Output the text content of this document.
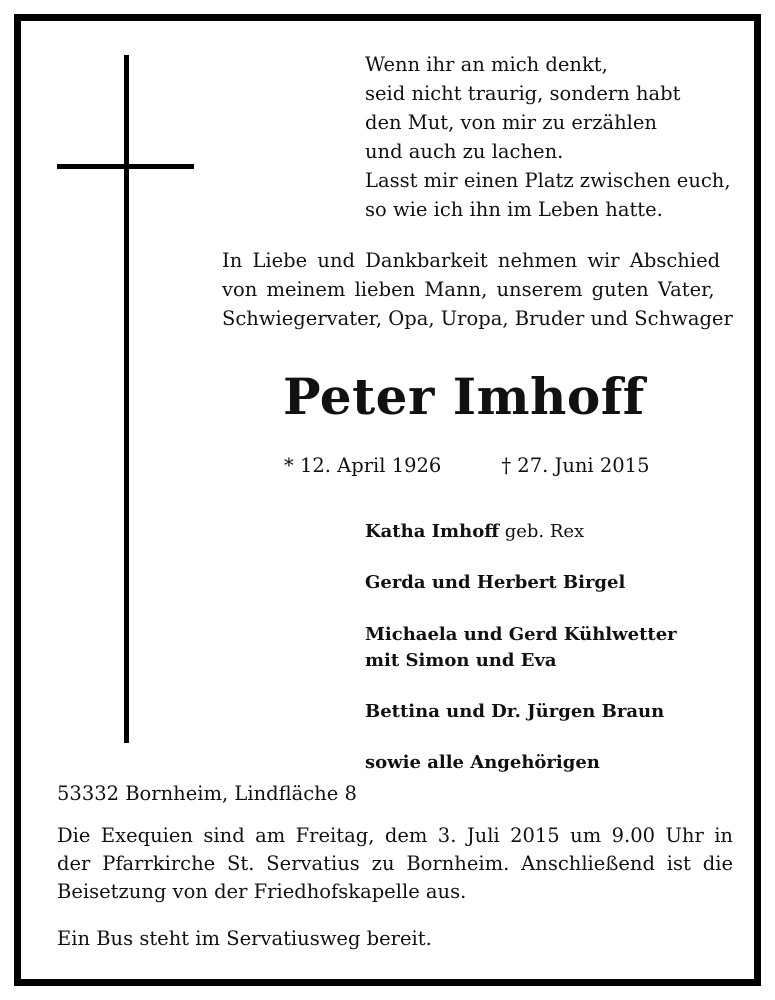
Wenn ihr an mich denkt,
seid nicht traurig, sondern habt
den Mut, von mir zu erzählen
und auch zu lachen.
Lasst mir einen Platz zwischen euch,
so wie ich ihn im Leben hatte.
In Liebe und Dankbarkeit nehmen wir Abschied
von meinem lieben Mann, unserem guten Vater,
Schwiegervater, Opa, Uropa, Bruder und Schwager
Peter Imhoff
* 12. April 1926	† 27. Juni 2015
Katha Imhoff geb. Rex
Gerda und Herbert Birgel
Michaela und Gerd Kühlwetter
mit Simon und Eva
Bettina und Dr. Jürgen Braun
sowie alle Angehörigen
53332 Bornheim, Lindfläche 8
Die Exequien sind am Freitag, dem 3. Juli 2015 um 9.00 Uhr in
der Pfarrkirche St. Servatius zu Bornheim. Anschließend ist die
Beisetzung von der Friedhofskapelle aus.
Ein Bus steht im Servatiusweg bereit.
